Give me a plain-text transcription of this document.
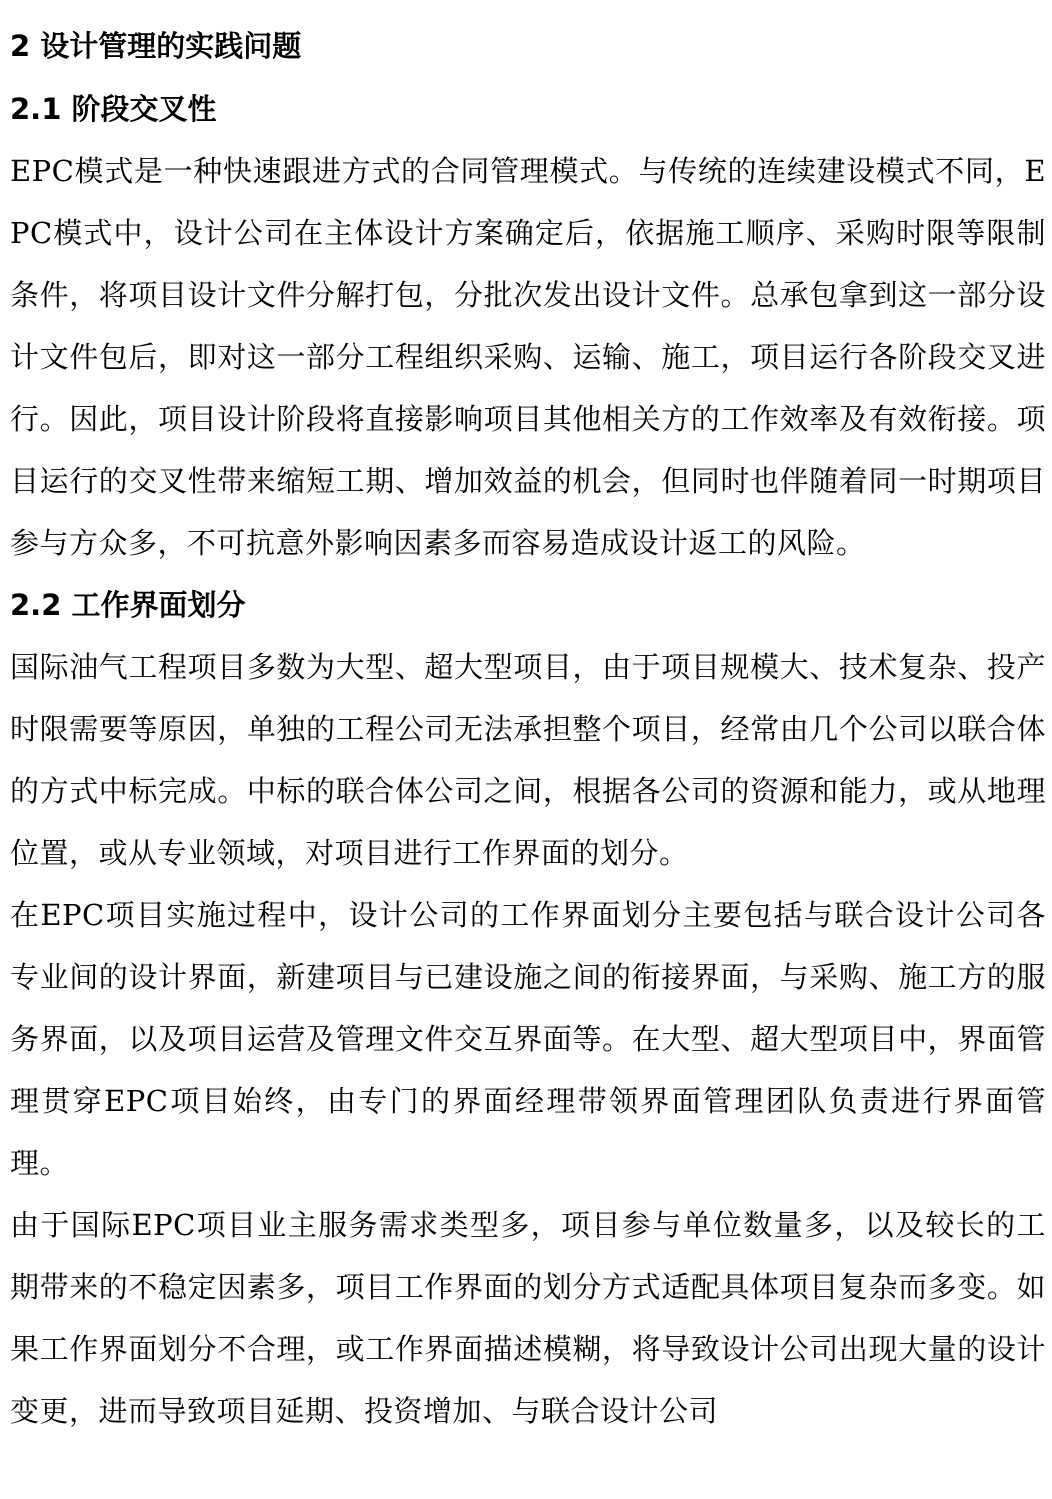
2 设计管理的实践问题
2.1 阶段交叉性

EPC模式是一种快速跟进方式的合同管理模式。与传统的连续建设模式不同，EPC模式中，设计公司在主体设计方案确定后，依据施工顺序、采购时限等限制条件，将项目设计文件分解打包，分批次发出设计文件。总承包拿到这一部分设计文件包后，即对这一部分工程组织采购、运输、施工，项目运行各阶段交叉进行。因此，项目设计阶段将直接影响项目其他相关方的工作效率及有效衔接。项目运行的交叉性带来缩短工期、增加效益的机会，但同时也伴随着同一时期项目参与方众多，不可抗意外影响因素多而容易造成设计返工的风险。

2.2 工作界面划分

国际油气工程项目多数为大型、超大型项目，由于项目规模大、技术复杂、投产时限需要等原因，单独的工程公司无法承担整个项目，经常由几个公司以联合体的方式中标完成。中标的联合体公司之间，根据各公司的资源和能力，或从地理位置，或从专业领域，对项目进行工作界面的划分。

在EPC项目实施过程中，设计公司的工作界面划分主要包括与联合设计公司各专业间的设计界面，新建项目与已建设施之间的衔接界面，与采购、施工方的服务界面，以及项目运营及管理文件交互界面等。在大型、超大型项目中，界面管理贯穿EPC项目始终，由专门的界面经理带领界面管理团队负责进行界面管理。

由于国际EPC项目业主服务需求类型多，项目参与单位数量多，以及较长的工期带来的不稳定因素多，项目工作界面的划分方式适配具体项目复杂而多变。如果工作界面划分不合理，或工作界面描述模糊，将导致设计公司出现大量的设计变更，进而导致项目延期、投资增加、与联合设计公司
